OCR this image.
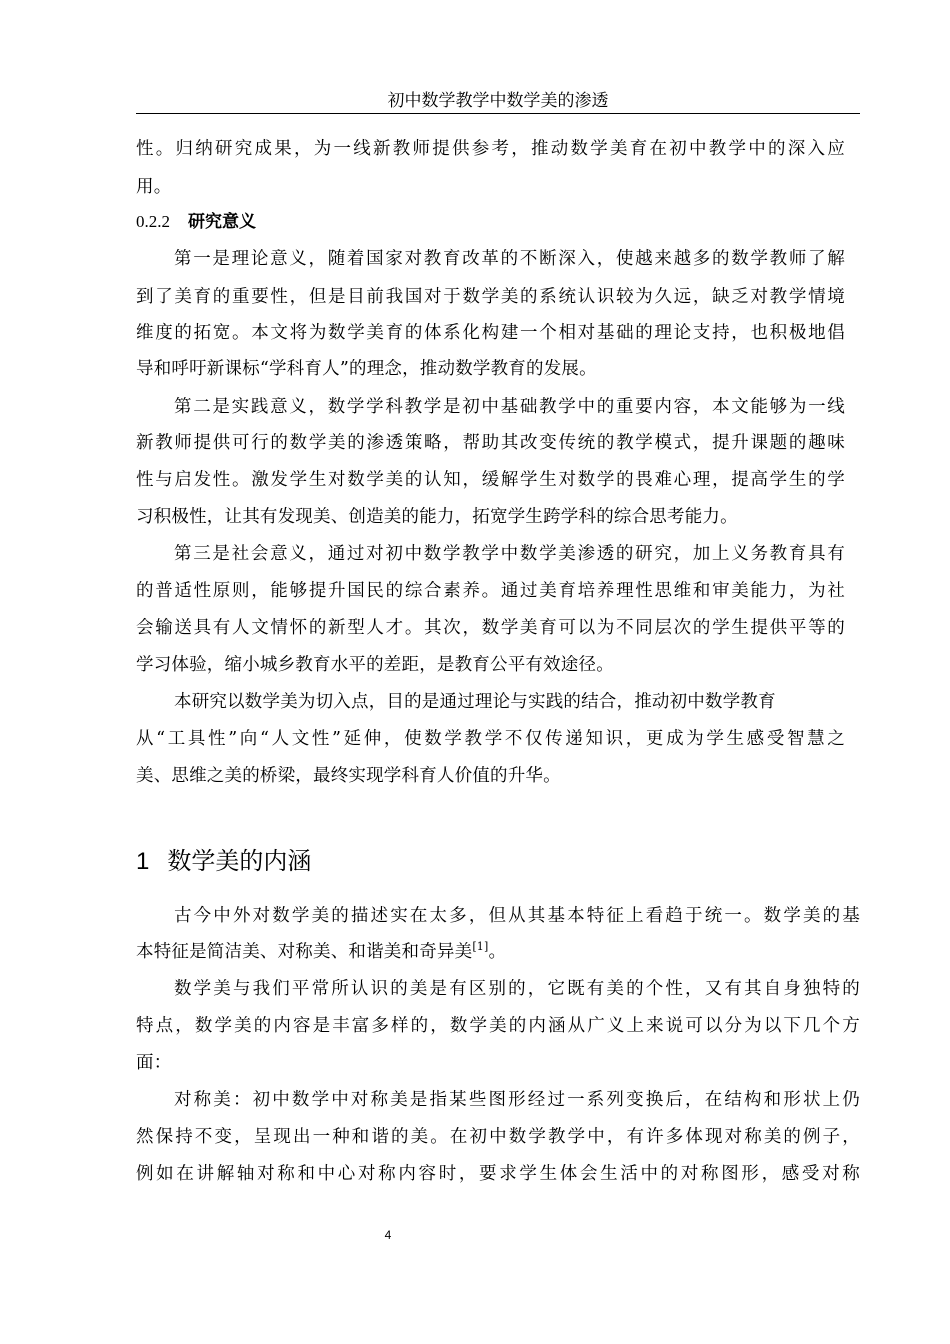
初中数学教学中数学美的渗透
性。归纳研究成果，为一线新教师提供参考，推动数学美育在初中教学中的深入应
用。
0.2.2 研究意义
第一是理论意义，随着国家对教育改革的不断深入，使越来越多的数学教师了解
到了美育的重要性，但是目前我国对于数学美的系统认识较为久远，缺乏对教学情境
维度的拓宽。本文将为数学美育的体系化构建一个相对基础的理论支持，也积极地倡
导和呼吁新课标“学科育人”的理念，推动数学教育的发展。
第二是实践意义，数学学科教学是初中基础教学中的重要内容，本文能够为一线
新教师提供可行的数学美的渗透策略，帮助其改变传统的教学模式，提升课题的趣味
性与启发性。激发学生对数学美的认知，缓解学生对数学的畏难心理，提高学生的学
习积极性，让其有发现美、创造美的能力，拓宽学生跨学科的综合思考能力。
第三是社会意义，通过对初中数学教学中数学美渗透的研究，加上义务教育具有
的普适性原则，能够提升国民的综合素养。通过美育培养理性思维和审美能力，为社
会输送具有人文情怀的新型人才。其次，数学美育可以为不同层次的学生提供平等的
学习体验，缩小城乡教育水平的差距，是教育公平有效途径。
本研究以数学美为切入点，目的是通过理论与实践的结合，推动初中数学教育
从“工具性”向“人文性”延伸，使数学教学不仅传递知识，更成为学生感受智慧之
美、思维之美的桥梁，最终实现学科育人价值的升华。
1 数学美的内涵
古今中外对数学美的描述实在太多，但从其基本特征上看趋于统一。数学美的基
本特征是简洁美、对称美、和谐美和奇异美[1]。
数学美与我们平常所认识的美是有区别的，它既有美的个性，又有其自身独特的
特点，数学美的内容是丰富多样的，数学美的内涵从广义上来说可以分为以下几个方
面：
对称美：初中数学中对称美是指某些图形经过一系列变换后，在结构和形状上仍
然保持不变，呈现出一种和谐的美。在初中数学教学中，有许多体现对称美的例子，
例如在讲解轴对称和中心对称内容时，要求学生体会生活中的对称图形，感受对称
4
